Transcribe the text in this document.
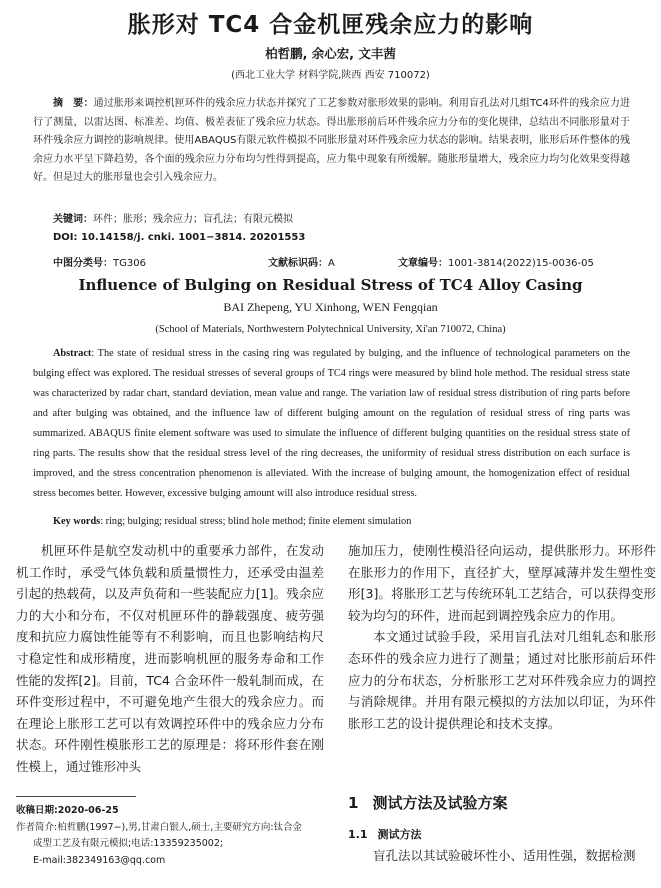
胀形对 TC4 合金机匣残余应力的影响
柏哲鹏, 余心宏, 文丰茜
(西北工业大学 材料学院,陕西 西安 710072)
摘　要：通过胀形来调控机匣环件的残余应力状态并探究了工艺参数对胀形效果的影响。利用盲孔法对几组TC4环件的残余应力进行了测量，以雷达图、标准差、均值、极差表征了残余应力状态。得出胀形前后环件残余应力分布的变化规律，总结出不同胀形量对于环件残余应力调控的影响规律。使用ABAQUS有限元软件模拟不同胀形量对环件残余应力状态的影响。结果表明，胀形后环件整体的残余应力水平呈下降趋势，各个面的残余应力分布均匀性得到提高，应力集中现象有所缓解。随胀形量增大，残余应力均匀化效果变得越好。但是过大的胀形量也会引入残余应力。
关键词：环件；胀形；残余应力；盲孔法；有限元模拟
DOI: 10.14158/j. cnki. 1001−3814. 20201553
中图分类号：TG306	文献标识码：A	文章编号：1001-3814(2022)15-0036-05
Influence of Bulging on Residual Stress of TC4 Alloy Casing
BAI Zhepeng, YU Xinhong, WEN Fengqian
(School of Materials, Northwestern Polytechnical University, Xi'an 710072, China)
Abstract: The state of residual stress in the casing ring was regulated by bulging, and the influence of technological parameters on the bulging effect was explored. The residual stresses of several groups of TC4 rings were measured by blind hole method. The residual stress state was characterized by radar chart, standard deviation, mean value and range. The variation law of residual stress distribution of ring parts before and after bulging was obtained, and the influence law of different bulging amount on the regulation of residual stress of ring parts was summarized. ABAQUS finite element software was used to simulate the influence of different bulging quantities on the residual stress state of ring parts. The results show that the residual stress level of the ring decreases, the uniformity of residual stress distribution on each surface is improved, and the stress concentration phenomenon is alleviated. With the increase of bulging amount, the homogenization effect of residual stress becomes better. However, excessive bulging amount will also introduce residual stress.
Key words: ring; bulging; residual stress; blind hole method; finite element simulation

机匣环件是航空发动机中的重要承力部件，在发动机工作时，承受气体负载和质量惯性力，还承受由温差引起的热载荷，以及声负荷和一些装配应力[1]。残余应力的大小和分布，不仅对机匣环件的静载强度、疲劳强度和抗应力腐蚀性能等有不利影响，而且也影响结构尺寸稳定性和成形精度，进而影响机匣的服务寿命和工作性能的发挥[2]。目前，TC4 合金环件一般轧制而成，在环件变形过程中，不可避免地产生很大的残余应力。而在理论上胀形工艺可以有效调控环件中的残余应力分布状态。环件刚性模胀形工艺的原理是：将环形件套在刚性模上，通过锥形冲头

施加压力，使刚性模沿径向运动，提供胀形力。环形件在胀形力的作用下，直径扩大，壁厚减薄并发生塑性变形[3]。将胀形工艺与传统环轧工艺结合，可以获得变形较为均匀的环件，进而起到调控残余应力的作用。

本文通过试验手段，采用盲孔法对几组轧态和胀形态环件的残余应力进行了测量；通过对比胀形前后环件应力的分布状态，分析胀形工艺对环件残余应力的调控与消除规律。并用有限元模拟的方法加以印证，为环件胀形工艺的设计提供理论和技术支撑。

收稿日期:2020-06-25
作者简介:柏哲鹏(1997−),男,甘肃白银人,硕士,主要研究方向:钛合金
成型工艺及有限元模拟;电话:13359235002;
E-mail:382349163@qq.com
1 测试方法及试验方案
1.1 测试方法
盲孔法以其试验破坏性小、适用性强，数据检测
